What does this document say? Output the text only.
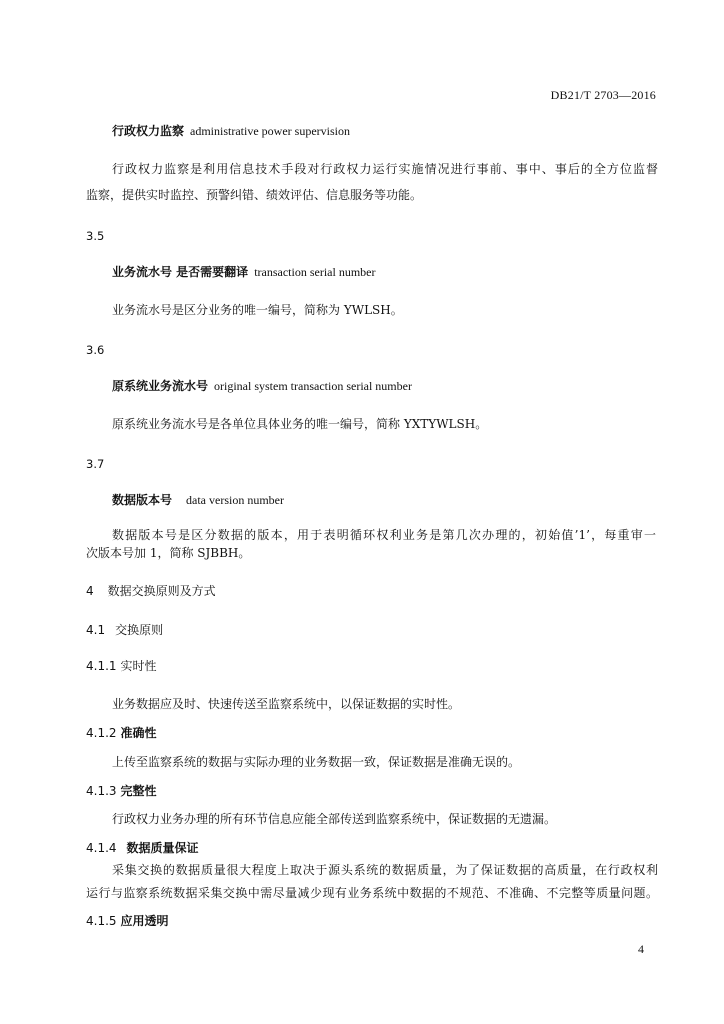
DB21/T 2703—2016
行政权力监察 administrative power supervision
行政权力监察是利用信息技术手段对行政权力运行实施情况进行事前、事中、事后的全方位监督
监察，提供实时监控、预警纠错、绩效评估、信息服务等功能。
3.5
业务流水号 是否需要翻译 transaction serial number
业务流水号是区分业务的唯一编号，简称为 YWLSH。
3.6
原系统业务流水号 original system transaction serial number
原系统业务流水号是各单位具体业务的唯一编号，简称 YXTYWLSH。
3.7
数据版本号 data version number
数据版本号是区分数据的版本，用于表明循环权利业务是第几次办理的，初始值’1’，每重审一
次版本号加 1，简称 SJBBH。
4 数据交换原则及方式
4.1 交换原则
4.1.1 实时性
业务数据应及时、快速传送至监察系统中，以保证数据的实时性。
4.1.2 准确性
上传至监察系统的数据与实际办理的业务数据一致，保证数据是准确无误的。
4.1.3 完整性
行政权力业务办理的所有环节信息应能全部传送到监察系统中，保证数据的无遗漏。
4.1.4 数据质量保证
采集交换的数据质量很大程度上取决于源头系统的数据质量，为了保证数据的高质量，在行政权利
运行与监察系统数据采集交换中需尽量减少现有业务系统中数据的不规范、不准确、不完整等质量问题。
4.1.5 应用透明
4
